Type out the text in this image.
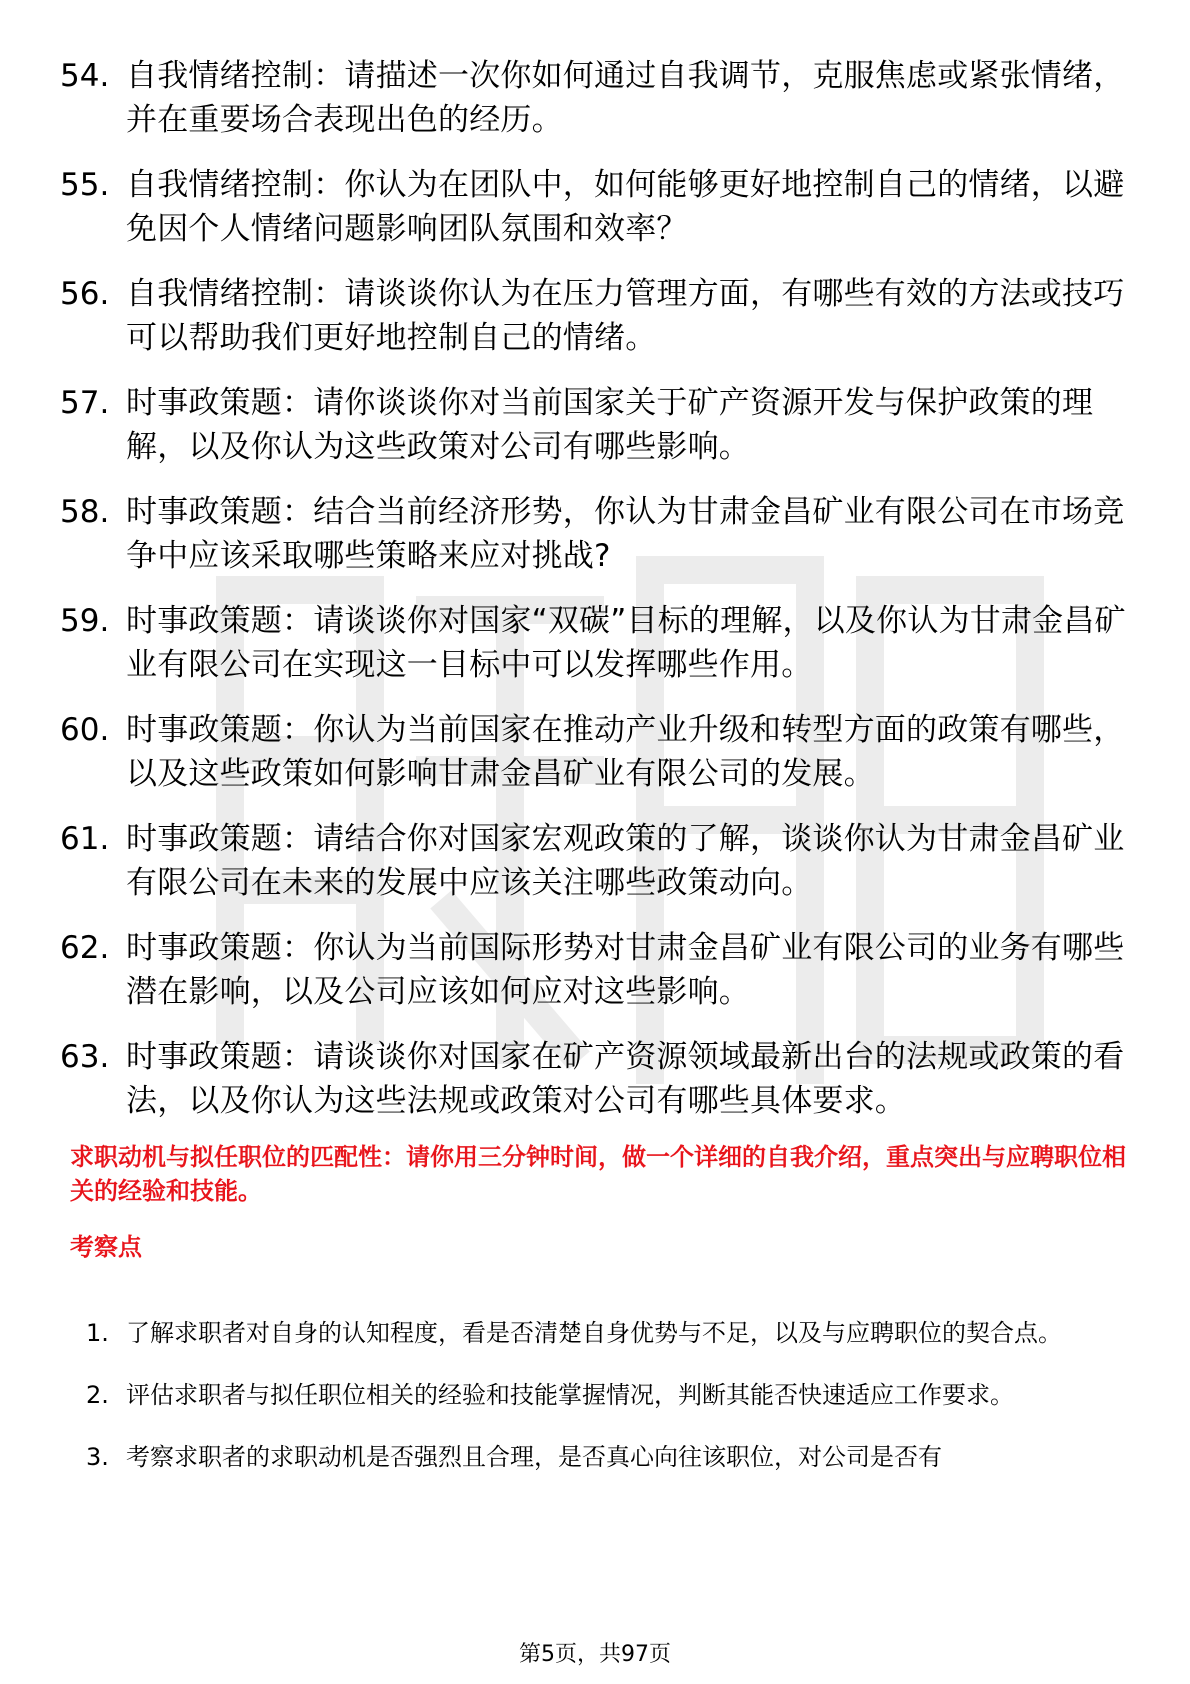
54. 自我情绪控制：请描述一次你如何通过自我调节，克服焦虑或紧张情绪，并在重要场合表现出色的经历。
55. 自我情绪控制：你认为在团队中，如何能够更好地控制自己的情绪，以避免因个人情绪问题影响团队氛围和效率？
56. 自我情绪控制：请谈谈你认为在压力管理方面，有哪些有效的方法或技巧可以帮助我们更好地控制自己的情绪。
57. 时事政策题：请你谈谈你对当前国家关于矿产资源开发与保护政策的理解，以及你认为这些政策对公司有哪些影响。
58. 时事政策题：结合当前经济形势，你认为甘肃金昌矿业有限公司在市场竞争中应该采取哪些策略来应对挑战?
59. 时事政策题：请谈谈你对国家“双碳”目标的理解，以及你认为甘肃金昌矿业有限公司在实现这一目标中可以发挥哪些作用。
60. 时事政策题：你认为当前国家在推动产业升级和转型方面的政策有哪些，以及这些政策如何影响甘肃金昌矿业有限公司的发展。
61. 时事政策题：请结合你对国家宏观政策的了解，谈谈你认为甘肃金昌矿业有限公司在未来的发展中应该关注哪些政策动向。
62. 时事政策题：你认为当前国际形势对甘肃金昌矿业有限公司的业务有哪些潜在影响，以及公司应该如何应对这些影响。
63. 时事政策题：请谈谈你对国家在矿产资源领域最新出台的法规或政策的看法，以及你认为这些法规或政策对公司有哪些具体要求。
求职动机与拟任职位的匹配性：请你用三分钟时间，做一个详细的自我介绍，重点突出与应聘职位相关的经验和技能。
考察点
1. 了解求职者对自身的认知程度，看是否清楚自身优势与不足，以及与应聘职位的契合点。
2. 评估求职者与拟任职位相关的经验和技能掌握情况，判断其能否快速适应工作要求。
3. 考察求职者的求职动机是否强烈且合理，是否真心向往该职位，对公司是否有
第5页，共97页
